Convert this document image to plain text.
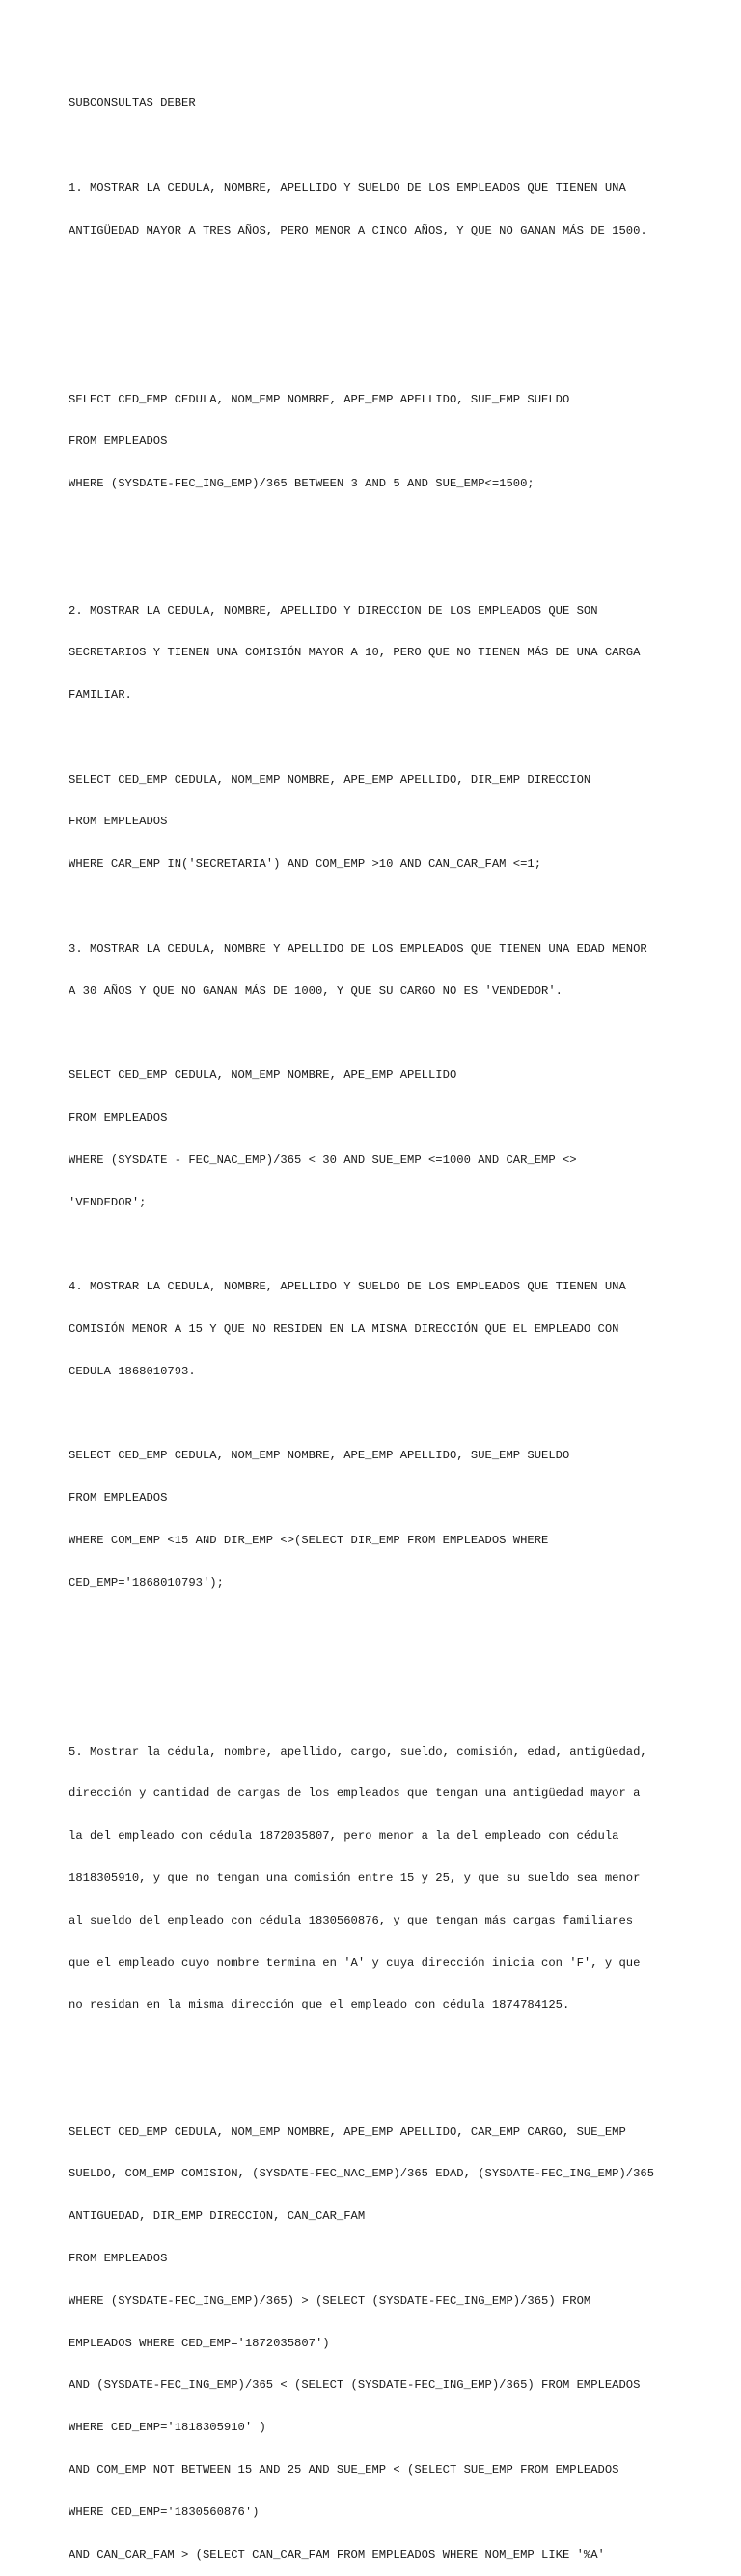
SUBCONSULTAS DEBER

1. MOSTRAR LA CEDULA, NOMBRE, APELLIDO Y SUELDO DE LOS EMPLEADOS QUE TIENEN UNA

ANTIGÜEDAD MAYOR A TRES AÑOS, PERO MENOR A CINCO AÑOS, Y QUE NO GANAN MÁS DE 1500.

SELECT CED_EMP CEDULA, NOM_EMP NOMBRE, APE_EMP APELLIDO, SUE_EMP SUELDO

FROM EMPLEADOS

WHERE (SYSDATE-FEC_ING_EMP)/365 BETWEEN 3 AND 5 AND SUE_EMP<=1500;

2. MOSTRAR LA CEDULA, NOMBRE, APELLIDO Y DIRECCION DE LOS EMPLEADOS QUE SON

SECRETARIOS Y TIENEN UNA COMISIÓN MAYOR A 10, PERO QUE NO TIENEN MÁS DE UNA CARGA

FAMILIAR.

SELECT CED_EMP CEDULA, NOM_EMP NOMBRE, APE_EMP APELLIDO, DIR_EMP DIRECCION

FROM EMPLEADOS

WHERE CAR_EMP IN('SECRETARIA') AND COM_EMP >10 AND CAN_CAR_FAM <=1;

3. MOSTRAR LA CEDULA, NOMBRE Y APELLIDO DE LOS EMPLEADOS QUE TIENEN UNA EDAD MENOR

A 30 AÑOS Y QUE NO GANAN MÁS DE 1000, Y QUE SU CARGO NO ES 'VENDEDOR'.

SELECT CED_EMP CEDULA, NOM_EMP NOMBRE, APE_EMP APELLIDO

FROM EMPLEADOS

WHERE (SYSDATE - FEC_NAC_EMP)/365 < 30 AND SUE_EMP <=1000 AND CAR_EMP <>

'VENDEDOR';

4. MOSTRAR LA CEDULA, NOMBRE, APELLIDO Y SUELDO DE LOS EMPLEADOS QUE TIENEN UNA

COMISIÓN MENOR A 15 Y QUE NO RESIDEN EN LA MISMA DIRECCIÓN QUE EL EMPLEADO CON

CEDULA 1868010793.

SELECT CED_EMP CEDULA, NOM_EMP NOMBRE, APE_EMP APELLIDO, SUE_EMP SUELDO

FROM EMPLEADOS

WHERE COM_EMP <15 AND DIR_EMP <>(SELECT DIR_EMP FROM EMPLEADOS WHERE

CED_EMP='1868010793');

5. Mostrar la cédula, nombre, apellido, cargo, sueldo, comisión, edad, antigüedad,

dirección y cantidad de cargas de los empleados que tengan una antigüedad mayor a

la del empleado con cédula 1872035807, pero menor a la del empleado con cédula

1818305910, y que no tengan una comisión entre 15 y 25, y que su sueldo sea menor

al sueldo del empleado con cédula 1830560876, y que tengan más cargas familiares

que el empleado cuyo nombre termina en 'A' y cuya dirección inicia con 'F', y que

no residan en la misma dirección que el empleado con cédula 1874784125.

SELECT CED_EMP CEDULA, NOM_EMP NOMBRE, APE_EMP APELLIDO, CAR_EMP CARGO, SUE_EMP

SUELDO, COM_EMP COMISION, (SYSDATE-FEC_NAC_EMP)/365 EDAD, (SYSDATE-FEC_ING_EMP)/365

ANTIGUEDAD, DIR_EMP DIRECCION, CAN_CAR_FAM

FROM EMPLEADOS

WHERE (SYSDATE-FEC_ING_EMP)/365) > (SELECT (SYSDATE-FEC_ING_EMP)/365) FROM

EMPLEADOS WHERE CED_EMP='1872035807')

AND (SYSDATE-FEC_ING_EMP)/365 < (SELECT (SYSDATE-FEC_ING_EMP)/365) FROM EMPLEADOS

WHERE CED_EMP='1818305910' )

AND COM_EMP NOT BETWEEN 15 AND 25 AND SUE_EMP < (SELECT SUE_EMP FROM EMPLEADOS

WHERE CED_EMP='1830560876')

AND CAN_CAR_FAM > (SELECT CAN_CAR_FAM FROM EMPLEADOS WHERE NOM_EMP LIKE '%A'
